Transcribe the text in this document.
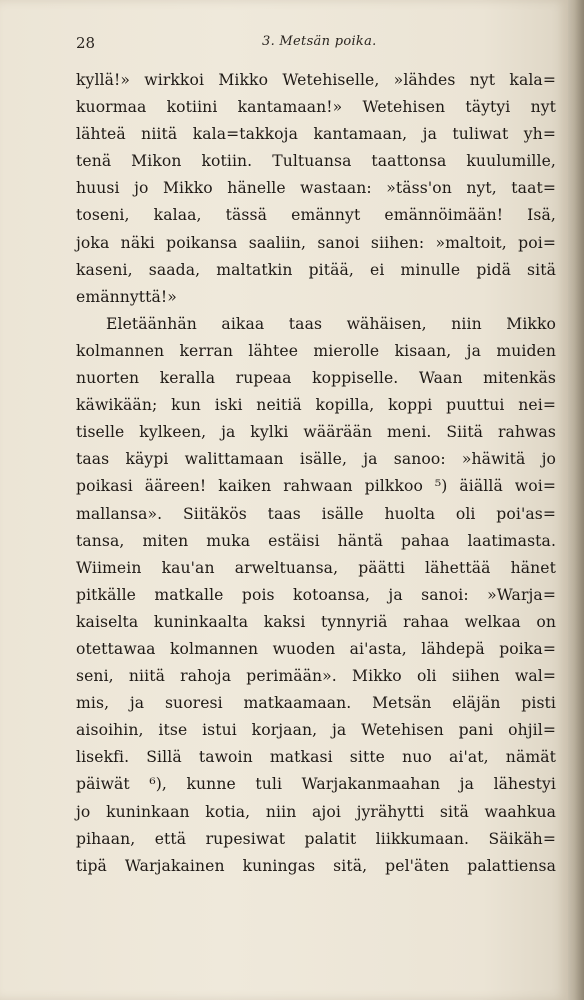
28	3. Metsän poika.
kyllä!» wirkkoi Mikko Wetehiselle, »lähdes nyt kala=
kuormaa kotiini kantamaan!» Wetehisen täytyi nyt
lähteä niitä kala=takkoja kantamaan, ja tuliwat yh=
tenä Mikon kotiin. Tultuansa taattonsa kuulumille,
huusi jo Mikko hänelle wastaan: »täss'on nyt, taat=
toseni, kalaa, tässä emännyt emännöimään! Isä,
joka näki poikansa saaliin, sanoi siihen: »maltoit, poi=
kaseni, saada, maltatkin pitää, ei minulle pidä sitä
emännyttä!»
Eletäänhän aikaa taas wähäisen, niin Mikko
kolmannen kerran lähtee mierolle kisaan, ja muiden
nuorten keralla rupeaa koppiselle. Waan mitenkäs
käwikään; kun iski neitiä kopilla, koppi puuttui nei=
tiselle kylkeen, ja kylki wäärään meni. Siitä rahwas
taas käypi walittamaan isälle, ja sanoo: »häwitä jo
poikasi ääreen! kaiken rahwaan pilkkoo ⁵) äiällä woi=
mallansa». Siitäkös taas isälle huolta oli poi'as=
tansa, miten muka estäisi häntä pahaa laatimasta.
Wiimein kau'an arweltuansa, päätti lähettää hänet
pitkälle matkalle pois kotoansa, ja sanoi: »Warja=
kaiselta kuninkaalta kaksi tynnyriä rahaa welkaa on
otettawaa kolmannen wuoden ai'asta, lähdepä poika=
seni, niitä rahoja perimään». Mikko oli siihen wal=
mis, ja suoresi matkaamaan. Metsän eläjän pisti
aisoihin, itse istui korjaan, ja Wetehisen pani ohjil=
lisekfi. Sillä tawoin matkasi sitte nuo ai'at, nämät
päiwät ⁶), kunne tuli Warjakanmaahan ja lähestyi
jo kuninkaan kotia, niin ajoi jyrähytti sitä waahkua
pihaan, että rupesiwat palatit liikkumaan. Säikäh=
tipä Warjakainen kuningas sitä, pel'äten palattiensa
